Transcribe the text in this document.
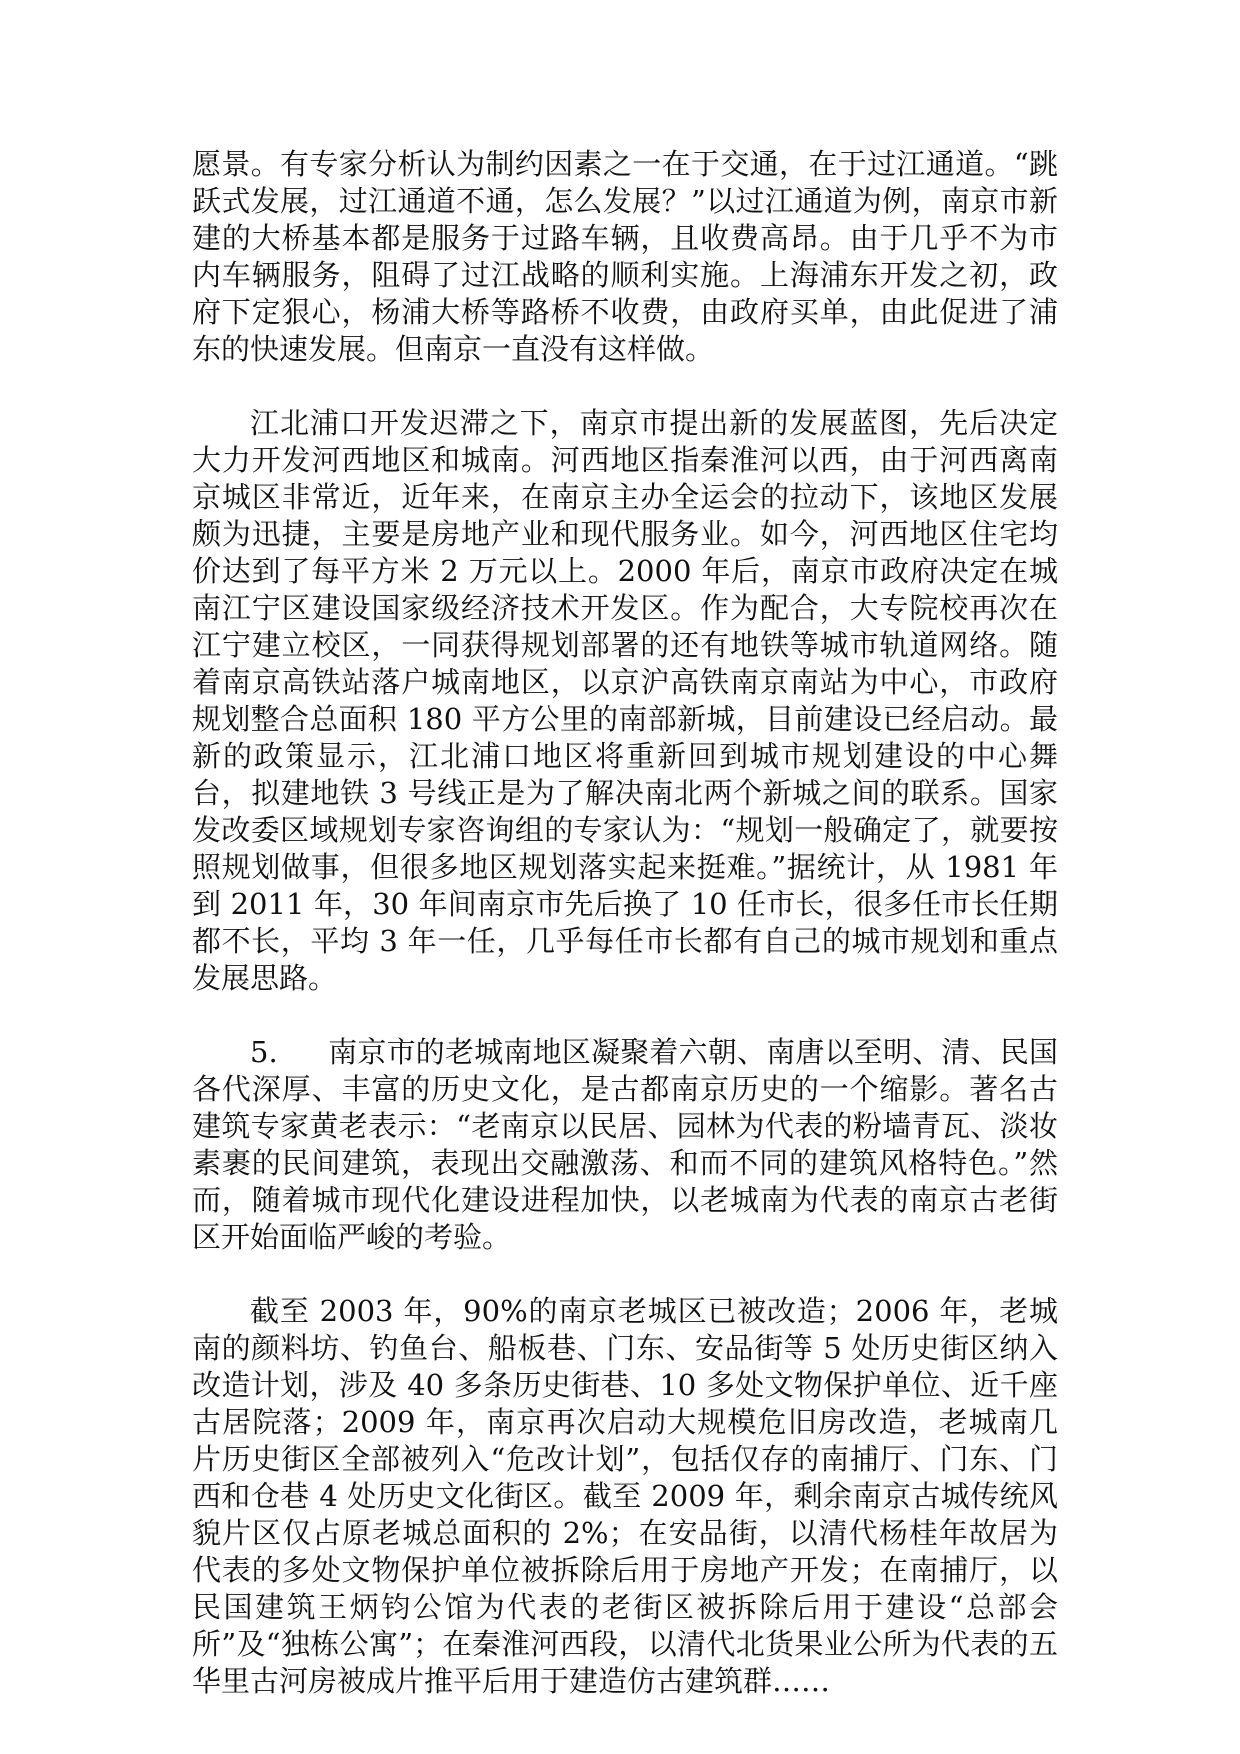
愿景。有专家分析认为制约因素之一在于交通，在于过江通道。“跳跃式发展，过江通道不通，怎么发展？”以过江通道为例，南京市新建的大桥基本都是服务于过路车辆，且收费高昂。由于几乎不为市内车辆服务，阻碍了过江战略的顺利实施。上海浦东开发之初，政府下定狠心，杨浦大桥等路桥不收费，由政府买单，由此促进了浦东的快速发展。但南京一直没有这样做。

江北浦口开发迟滞之下，南京市提出新的发展蓝图，先后决定大力开发河西地区和城南。河西地区指秦淮河以西，由于河西离南京城区非常近，近年来，在南京主办全运会的拉动下，该地区发展颇为迅捷，主要是房地产业和现代服务业。如今，河西地区住宅均价达到了每平方米 2 万元以上。2000 年后，南京市政府决定在城南江宁区建设国家级经济技术开发区。作为配合，大专院校再次在江宁建立校区，一同获得规划部署的还有地铁等城市轨道网络。随着南京高铁站落户城南地区，以京沪高铁南京南站为中心，市政府规划整合总面积 180 平方公里的南部新城，目前建设已经启动。最新的政策显示，江北浦口地区将重新回到城市规划建设的中心舞台，拟建地铁 3 号线正是为了解决南北两个新城之间的联系。国家发改委区域规划专家咨询组的专家认为：“规划一般确定了，就要按照规划做事，但很多地区规划落实起来挺难。”据统计，从 1981 年到 2011 年，30 年间南京市先后换了 10 任市长，很多任市长任期都不长，平均 3 年一任，几乎每任市长都有自己的城市规划和重点发展思路。

5. 南京市的老城南地区凝聚着六朝、南唐以至明、清、民国各代深厚、丰富的历史文化，是古都南京历史的一个缩影。著名古建筑专家黄老表示：“老南京以民居、园林为代表的粉墙青瓦、淡妆素裹的民间建筑，表现出交融激荡、和而不同的建筑风格特色。”然而，随着城市现代化建设进程加快，以老城南为代表的南京古老街区开始面临严峻的考验。

截至 2003 年，90%的南京老城区已被改造；2006 年，老城南的颜料坊、钓鱼台、船板巷、门东、安品街等 5 处历史街区纳入改造计划，涉及 40 多条历史街巷、10 多处文物保护单位、近千座古居院落；2009 年，南京再次启动大规模危旧房改造，老城南几片历史街区全部被列入“危改计划”，包括仅存的南捕厅、门东、门西和仓巷 4 处历史文化街区。截至 2009 年，剩余南京古城传统风貌片区仅占原老城总面积的 2%；在安品街，以清代杨桂年故居为代表的多处文物保护单位被拆除后用于房地产开发；在南捕厅，以民国建筑王炳钧公馆为代表的老街区被拆除后用于建设“总部会所”及“独栋公寓”；在秦淮河西段，以清代北货果业公所为代表的五华里古河房被成片推平后用于建造仿古建筑群……
